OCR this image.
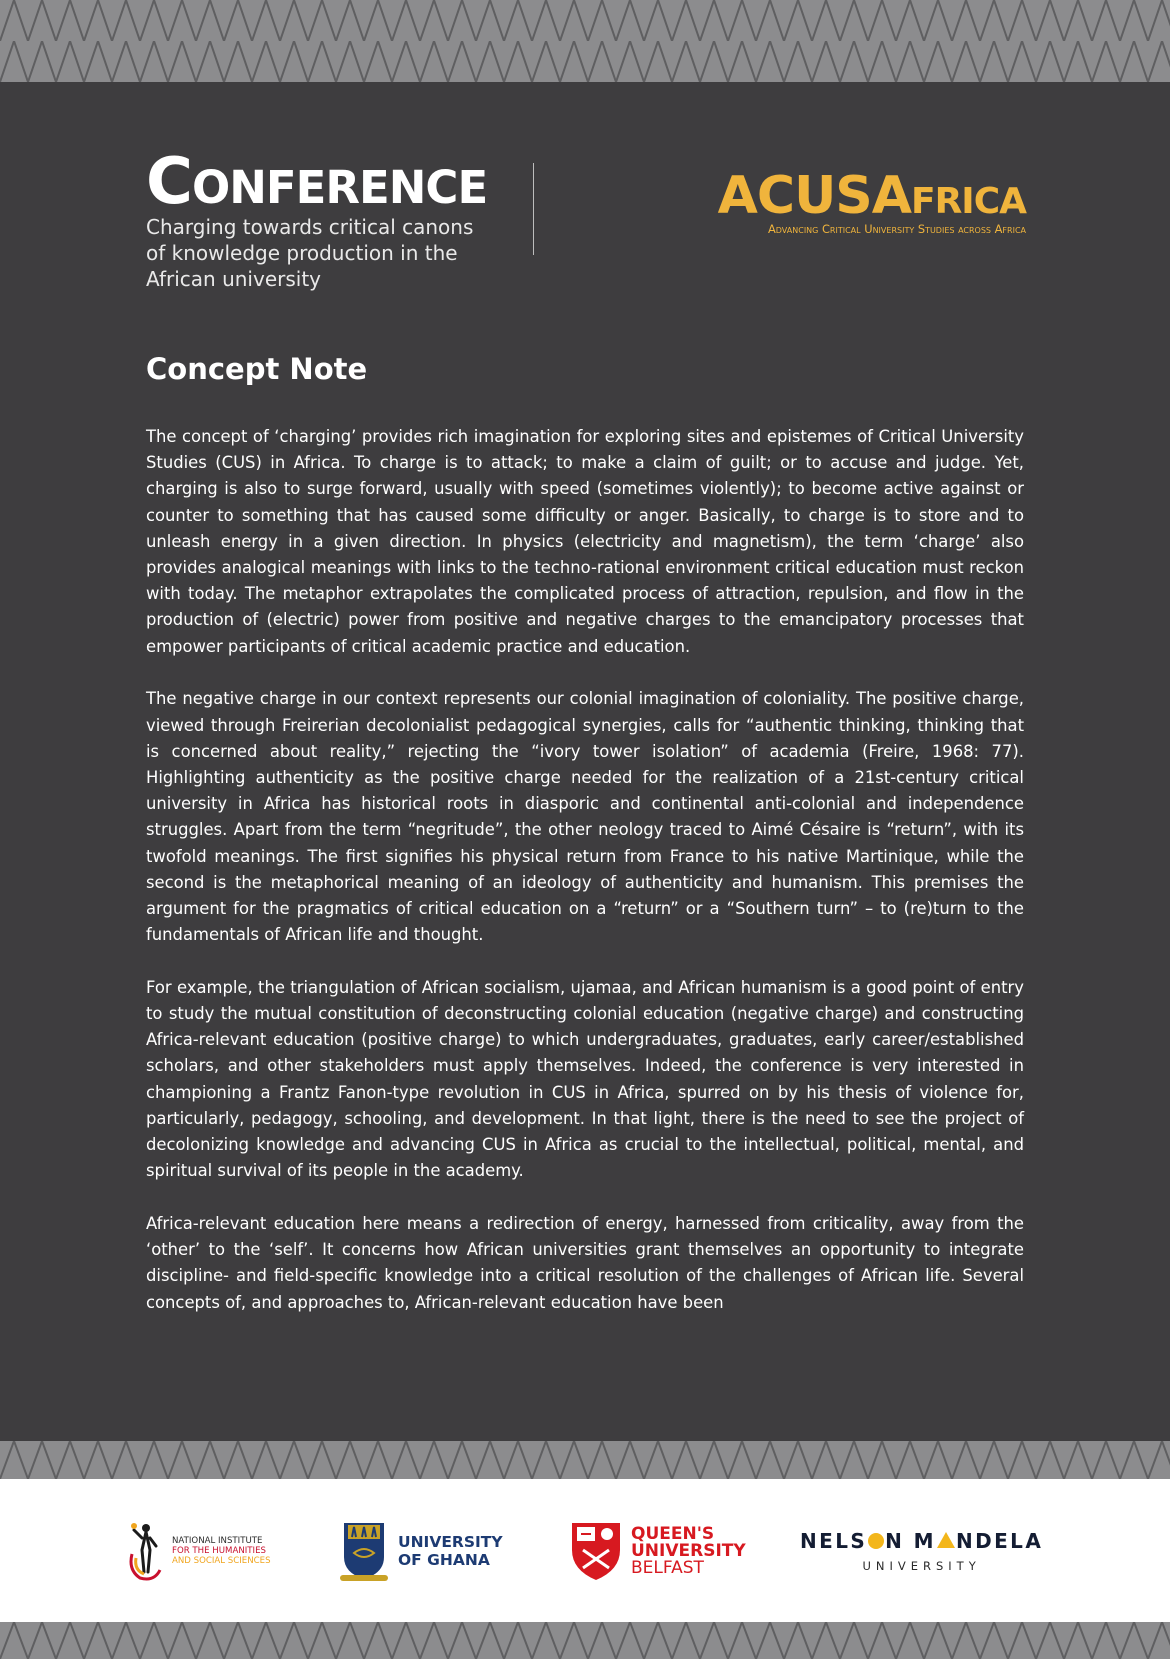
Conference
Charging towards critical canons of knowledge production in the African university
ACUSAfrica
Advancing Critical University Studies across Africa
Concept Note

The concept of ‘charging’ provides rich imagination for exploring sites and epistemes of Critical University Studies (CUS) in Africa. To charge is to attack; to make a claim of guilt; or to accuse and judge. Yet, charging is also to surge forward, usually with speed (sometimes violently); to become active against or counter to something that has caused some difficulty or anger. Basically, to charge is to store and to unleash energy in a given direction. In physics (electricity and magnetism), the term ‘charge’ also provides analogical meanings with links to the techno-rational environment critical education must reckon with today. The metaphor extrapolates the complicated process of attraction, repulsion, and flow in the production of (electric) power from positive and negative charges to the emancipatory processes that empower participants of critical academic practice and education.

The negative charge in our context represents our colonial imagination of coloniality. The positive charge, viewed through Freirerian decolonialist pedagogical synergies, calls for “authentic thinking, thinking that is concerned about reality,” rejecting the “ivory tower isolation” of academia (Freire, 1968: 77). Highlighting authenticity as the positive charge needed for the realization of a 21st-century critical university in Africa has historical roots in diasporic and continental anti-colonial and independence struggles. Apart from the term “negritude”, the other neology traced to Aimé Césaire is “return”, with its twofold meanings. The first signifies his physical return from France to his native Martinique, while the second is the metaphorical meaning of an ideology of authenticity and humanism. This premises the argument for the pragmatics of critical education on a “return” or a “Southern turn” – to (re)turn to the fundamentals of African life and thought.

For example, the triangulation of African socialism, ujamaa, and African humanism is a good point of entry to study the mutual constitution of deconstructing colonial education (negative charge) and constructing Africa-relevant education (positive charge) to which undergraduates, graduates, early career/established scholars, and other stakeholders must apply themselves. Indeed, the conference is very interested in championing a Frantz Fanon-type revolution in CUS in Africa, spurred on by his thesis of violence for, particularly, pedagogy, schooling, and development. In that light, there is the need to see the project of decolonizing knowledge and advancing CUS in Africa as crucial to the intellectual, political, mental, and spiritual survival of its people in the academy.

Africa-relevant education here means a redirection of energy, harnessed from criticality, away from the ‘other’ to the ‘self’. It concerns how African universities grant themselves an opportunity to integrate discipline- and field-specific knowledge into a critical resolution of the challenges of African life. Several concepts of, and approaches to, African-relevant education have been

NATIONAL INSTITUTE
FOR THE HUMANITIES
AND SOCIAL SCIENCES
UNIVERSITY
OF GHANA
QUEEN'S
UNIVERSITY
BELFAST
NELS N M NDELA
UNIVERSITY
